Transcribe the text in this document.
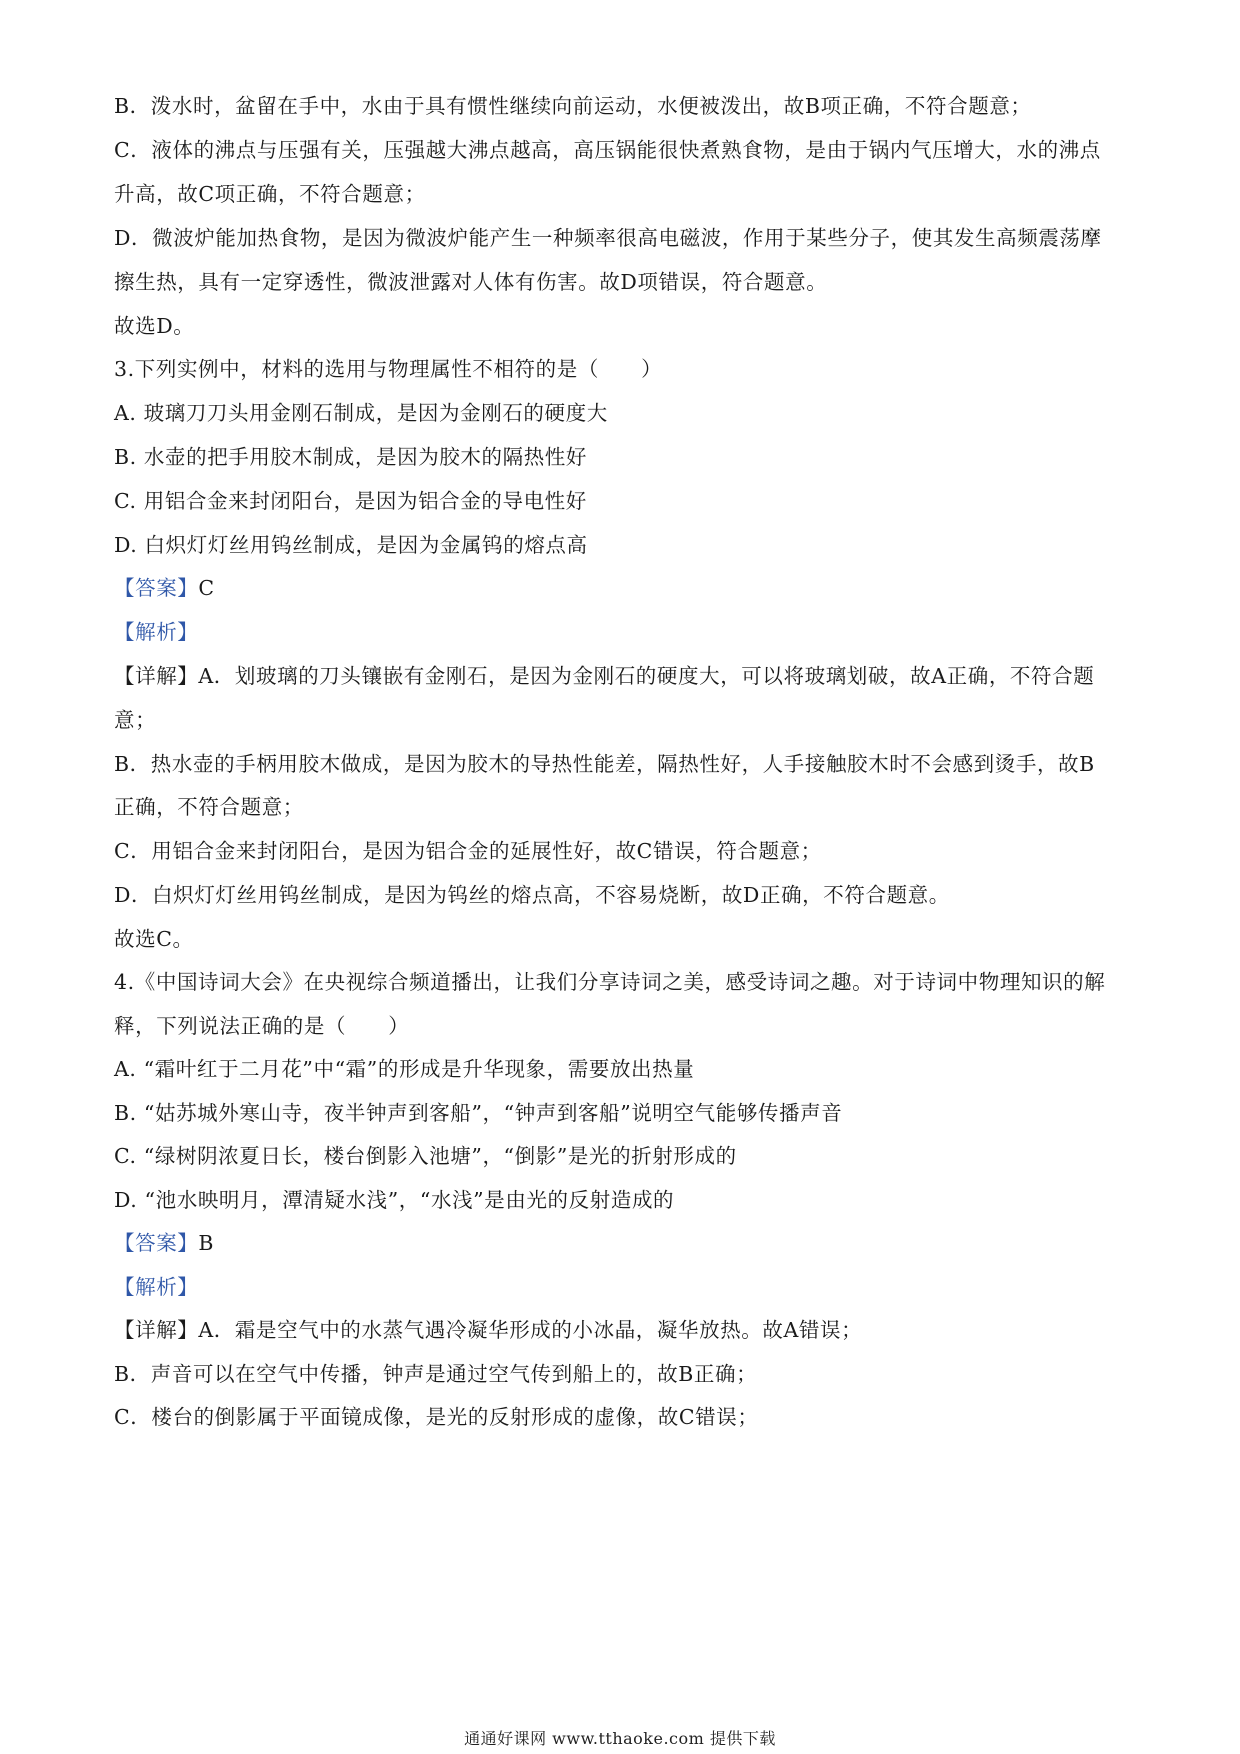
B．泼水时，盆留在手中，水由于具有惯性继续向前运动，水便被泼出，故B项正确，不符合题意；
C．液体的沸点与压强有关，压强越大沸点越高，高压锅能很快煮熟食物，是由于锅内气压增大，水的沸点
升高，故C项正确，不符合题意；
D．微波炉能加热食物，是因为微波炉能产生一种频率很高电磁波，作用于某些分子，使其发生高频震荡摩
擦生热，具有一定穿透性，微波泄露对人体有伤害。故D项错误，符合题意。
故选D。
3.下列实例中，材料的选用与物理属性不相符的是（　　）
A. 玻璃刀刀头用金刚石制成，是因为金刚石的硬度大
B. 水壶的把手用胶木制成，是因为胶木的隔热性好
C. 用铝合金来封闭阳台，是因为铝合金的导电性好
D. 白炽灯灯丝用钨丝制成，是因为金属钨的熔点高
【答案】C
【解析】
【详解】A．划玻璃的刀头镶嵌有金刚石，是因为金刚石的硬度大，可以将玻璃划破，故A正确，不符合题
意；
B．热水壶的手柄用胶木做成，是因为胶木的导热性能差，隔热性好，人手接触胶木时不会感到烫手，故B
正确，不符合题意；
C．用铝合金来封闭阳台，是因为铝合金的延展性好，故C错误，符合题意；
D．白炽灯灯丝用钨丝制成，是因为钨丝的熔点高，不容易烧断，故D正确，不符合题意。
故选C。
4.《中国诗词大会》在央视综合频道播出，让我们分享诗词之美，感受诗词之趣。对于诗词中物理知识的解
释，下列说法正确的是（　　）
A. “霜叶红于二月花”中“霜”的形成是升华现象，需要放出热量
B. “姑苏城外寒山寺，夜半钟声到客船”，“钟声到客船”说明空气能够传播声音
C. “绿树阴浓夏日长，楼台倒影入池塘”，“倒影”是光的折射形成的
D. “池水映明月，潭清疑水浅”，“水浅”是由光的反射造成的
【答案】B
【解析】
【详解】A．霜是空气中的水蒸气遇冷凝华形成的小冰晶，凝华放热。故A错误；
B．声音可以在空气中传播，钟声是通过空气传到船上的，故B正确；
C．楼台的倒影属于平面镜成像，是光的反射形成的虚像，故C错误；
通通好课网 www.tthaoke.com 提供下载
